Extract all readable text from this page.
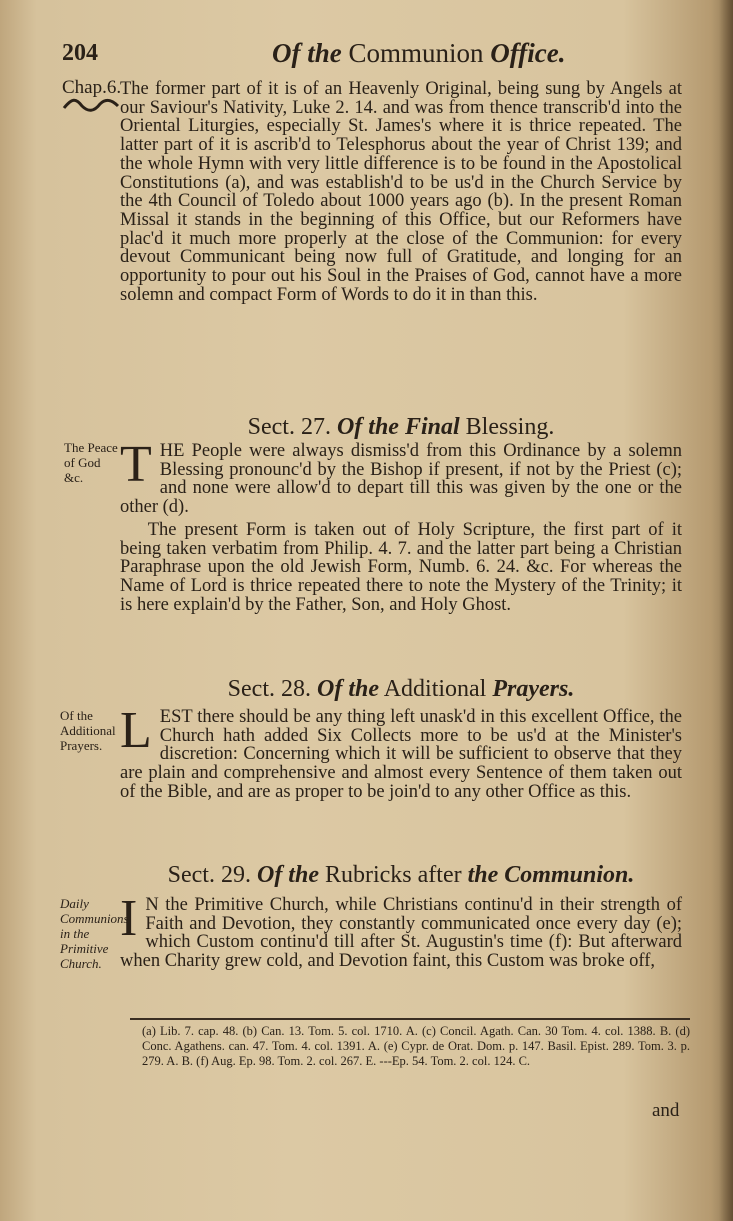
204	Of the Communion Office.
Chap.6.
The former part of it is of an Heavenly Original, being sung by Angels at our Saviour's Nativity, Luke 2. 14. and was from thence transcrib'd into the Oriental Liturgies, especially St. James's where it is thrice repeated. The latter part of it is ascrib'd to Telesphorus about the year of Christ 139; and the whole Hymn with very little difference is to be found in the Apostolical Constitutions (a), and was establish'd to be us'd in the Church Service by the 4th Council of Toledo about 1000 years ago (b). In the present Roman Missal it stands in the beginning of this Office, but our Reformers have plac'd it much more properly at the close of the Communion: for every devout Communicant being now full of Gratitude, and longing for an opportunity to pour out his Soul in the Praises of God, cannot have a more solemn and compact Form of Words to do it in than this.
Sect. 27. Of the Final Blessing.
The Peace of God &c. T HE People were always dismiss'd from this Ordinance by a solemn Blessing pronounc'd by the Bishop if present, if not by the Priest (c); and none were allow'd to depart till this was given by the one or the other (d).
The present Form is taken out of Holy Scripture, the first part of it being taken verbatim from Philip. 4. 7. and the latter part being a Christian Paraphrase upon the old Jewish Form, Numb. 6. 24. &c. For whereas the Name of Lord is thrice repeated there to note the Mystery of the Trinity; it is here explain'd by the Father, Son, and Holy Ghost.
Sect. 28. Of the Additional Prayers.
Of the Additional Prayers. L EST there should be any thing left unask'd in this excellent Office, the Church hath added Six Collects more to be us'd at the Minister's discretion: Concerning which it will be sufficient to observe that they are plain and comprehensive and almost every Sentence of them taken out of the Bible, and are as proper to be join'd to any other Office as this.
Sect. 29. Of the Rubricks after the Communion.
Daily Communions in the Primitive Church.
I N the Primitive Church, while Christians continu'd in their strength of Faith and Devotion, they constantly communicated once every day (e); which Custom continu'd till after St. Augustin's time (f): But afterward when Charity grew cold, and Devotion faint, this Custom was broke off,
(a) Lib. 7. cap. 48. (b) Can. 13. Tom. 5. col. 1710. A. (c) Concil. Agath. Can. 30 Tom. 4. col. 1388. B. (d) Conc. Agathens. can. 47. Tom. 4. col. 1391. A. (e) Cypr. de Orat. Dom. p. 147. Basil. Epist. 289. Tom. 3. p. 279. A. B. (f) Aug. Ep. 98. Tom. 2. col. 267. E. ---Ep. 54. Tom. 2. col. 124. C.
and
